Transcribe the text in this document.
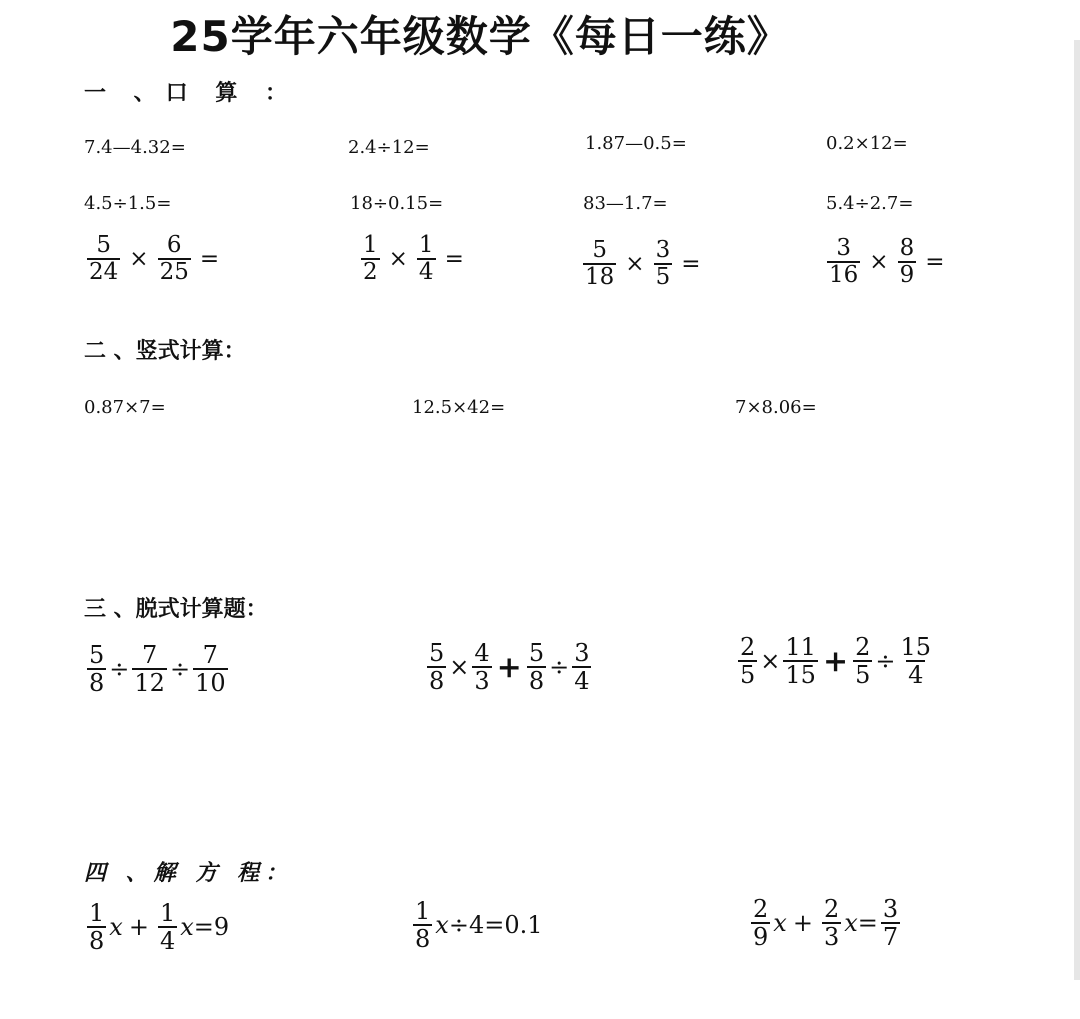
25学年六年级数学《每日一练》
一 、口 算 ：
7.4—4.32=	2.4÷12=	1.87—0.5=	0.2×12=
4.5÷1.5=	18÷0.15=	83—1.7=	5.4÷2.7=
$\frac{5}{24} \times \frac{6}{25}$ =	$\frac{1}{2} \times \frac{1}{4}$ =	$\frac{5}{18} \times \frac{3}{5}$ =	$\frac{3}{16} \times \frac{8}{9}$ =
二 、竖式计算：
0.87×7=	12.5×42=	7×8.06=
三 、脱式计算题：
$\frac{5}{8} \div \frac{7}{12} \div \frac{7}{10}$	$\frac{5}{8} \times \frac{4}{3} + \frac{5}{8} \div \frac{3}{4}$	$\frac{2}{5} \times \frac{11}{15} + \frac{2}{5} \div \frac{15}{4}$
四 、解 方 程：
$\frac{1}{8}$ $x + \frac{1}{4}$ x =9	$\frac{1}{8}$ x ÷4=0.1	$\frac{2}{9}$ $x + \frac{2}{3}$ $x = \frac{3}{7}$
